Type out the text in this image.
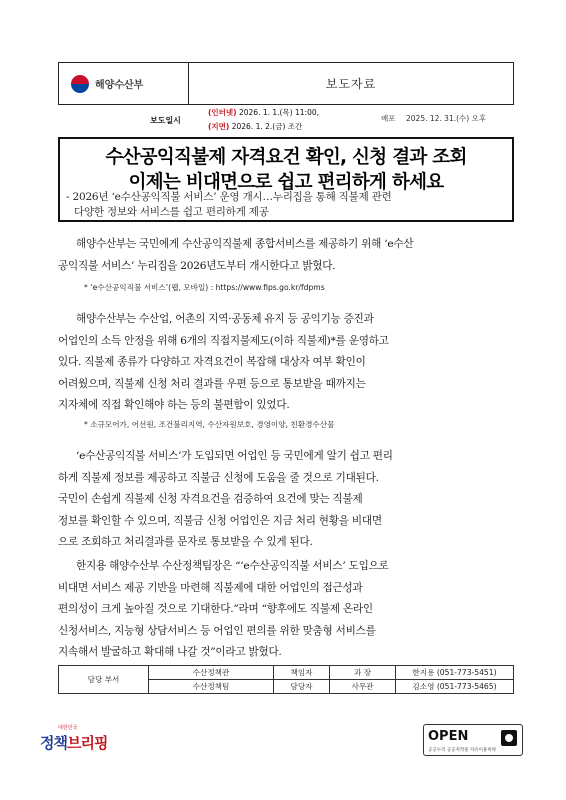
해양수산부	보도자료
보도일시
(인터넷) 2026. 1. 1.(목) 11:00,
(지면) 2026. 1. 2.(금) 조간
배포 2025. 12. 31.(수) 오후
수산공익직불제 자격요건 확인, 신청 결과 조회
이제는 비대면으로 쉽고 편리하게 하세요
- 2026년 ‘e수산공익직불 서비스’ 운영 개시…누리집을 통해 직불제 관련
다양한 정보와 서비스를 쉽고 편리하게 제공
해양수산부는 국민에게 수산공익직불제 종합서비스를 제공하기 위해 ‘e수산
공익직불 서비스’ 누리집을 2026년도부터 개시한다고 밝혔다.
* ‘e수산공익직불 서비스’(웹, 모바일) : https://www.fips.go.kr/fdpms
해양수산부는 수산업, 어촌의 지역·공동체 유지 등 공익기능 증진과
어업인의 소득 안정을 위해 6개의 직접지불제도(이하 직불제)*를 운영하고
있다. 직불제 종류가 다양하고 자격요건이 복잡해 대상자 여부 확인이
어려웠으며, 직불제 신청 처리 결과를 우편 등으로 통보받을 때까지는
지자체에 직접 확인해야 하는 등의 불편함이 있었다.
* 소규모어가, 어선원, 조건불리지역, 수산자원보호, 경영이양, 친환경수산물
‘e수산공익직불 서비스’가 도입되면 어업인 등 국민에게 알기 쉽고 편리
하게 직불제 정보를 제공하고 직불금 신청에 도움을 줄 것으로 기대된다.
국민이 손쉽게 직불제 신청 자격요건을 검증하여 요건에 맞는 직불제
정보를 확인할 수 있으며, 직불금 신청 어업인은 지금 처리 현황을 비대면
으로 조회하고 처리결과를 문자로 통보받을 수 있게 된다.
한지용 해양수산부 수산정책팀장은 “‘e수산공익직불 서비스’ 도입으로
비대면 서비스 제공 기반을 마련해 직불제에 대한 어업인의 접근성과
편의성이 크게 높아질 것으로 기대한다.”라며 “향후에도 직불제 온라인
신청서비스, 지능형 상담서비스 등 어업인 편의를 위한 맞춤형 서비스를
지속해서 발굴하고 확대해 나갈 것”이라고 밝혔다.
담당 부서	수산정책관	책임자	과 장	한지용 (051-773-5451)
	수산정책팀	담당자	사무관	김소영 (051-773-5465)
대한민국
정책브리핑	OPEN
공공누리 공공저작물 자유이용허락
